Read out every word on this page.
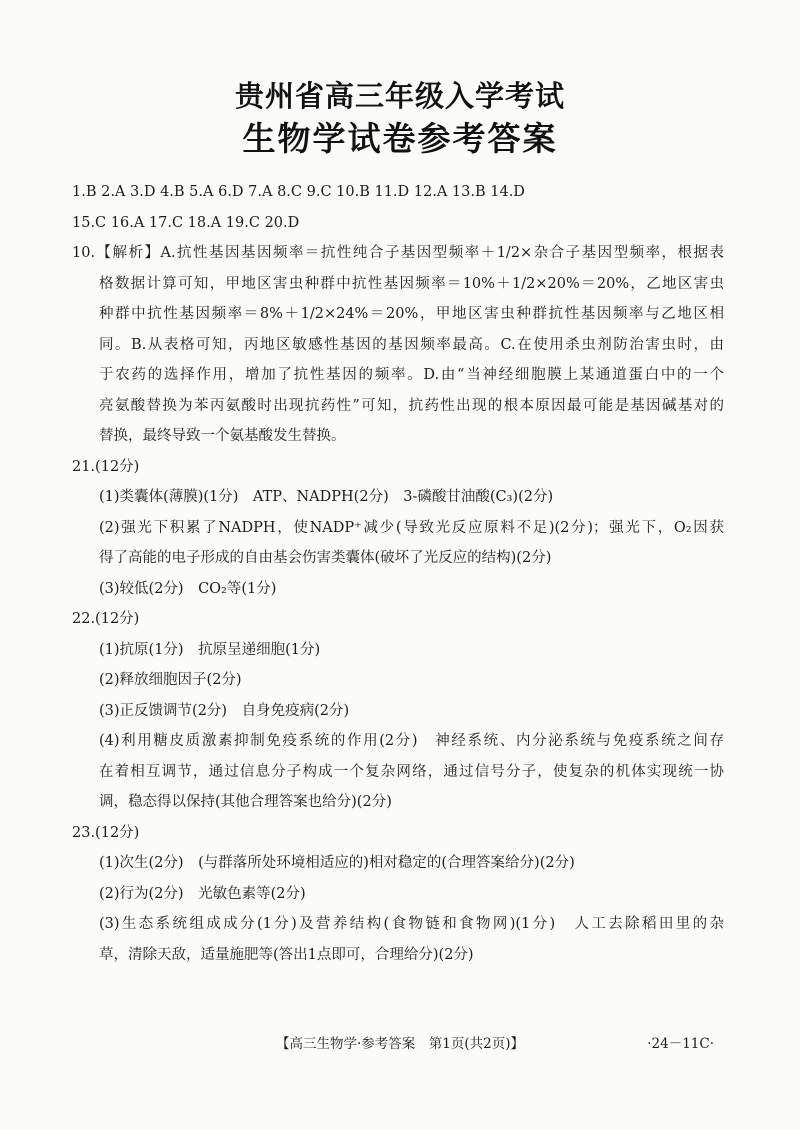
贵州省高三年级入学考试
生物学试卷参考答案
1.B 2.A 3.D 4.B 5.A 6.D 7.A 8.C 9.C 10.B 11.D 12.A 13.B 14.D
15.C 16.A 17.C 18.A 19.C 20.D
10.【解析】A.抗性基因基因频率＝抗性纯合子基因型频率＋1/2×杂合子基因型频率，根据表
格数据计算可知，甲地区害虫种群中抗性基因频率＝10%＋1/2×20%＝20%，乙地区害虫
种群中抗性基因频率＝8%＋1/2×24%＝20%，甲地区害虫种群抗性基因频率与乙地区相
同。B.从表格可知，丙地区敏感性基因的基因频率最高。C.在使用杀虫剂防治害虫时，由
于农药的选择作用，增加了抗性基因的频率。D.由“当神经细胞膜上某通道蛋白中的一个
亮氨酸替换为苯丙氨酸时出现抗药性”可知，抗药性出现的根本原因最可能是基因碱基对的
替换，最终导致一个氨基酸发生替换。
21.(12分)
(1)类囊体(薄膜)(1分)　ATP、NADPH(2分)　3-磷酸甘油酸(C₃)(2分)
(2)强光下积累了NADPH，使NADP⁺减少(导致光反应原料不足)(2分)；强光下，O₂因获
得了高能的电子形成的自由基会伤害类囊体(破坏了光反应的结构)(2分)
(3)较低(2分)　CO₂等(1分)
22.(12分)
(1)抗原(1分)　抗原呈递细胞(1分)
(2)释放细胞因子(2分)
(3)正反馈调节(2分)　自身免疫病(2分)
(4)利用糖皮质激素抑制免疫系统的作用(2分)　神经系统、内分泌系统与免疫系统之间存
在着相互调节，通过信息分子构成一个复杂网络，通过信号分子，使复杂的机体实现统一协
调，稳态得以保持(其他合理答案也给分)(2分)
23.(12分)
(1)次生(2分)　(与群落所处环境相适应的)相对稳定的(合理答案给分)(2分)
(2)行为(2分)　光敏色素等(2分)
(3)生态系统组成成分(1分)及营养结构(食物链和食物网)(1分)　人工去除稻田里的杂
草，清除天敌，适量施肥等(答出1点即可，合理给分)(2分)
【高三生物学·参考答案　第1页(共2页)】	·24－11C·
